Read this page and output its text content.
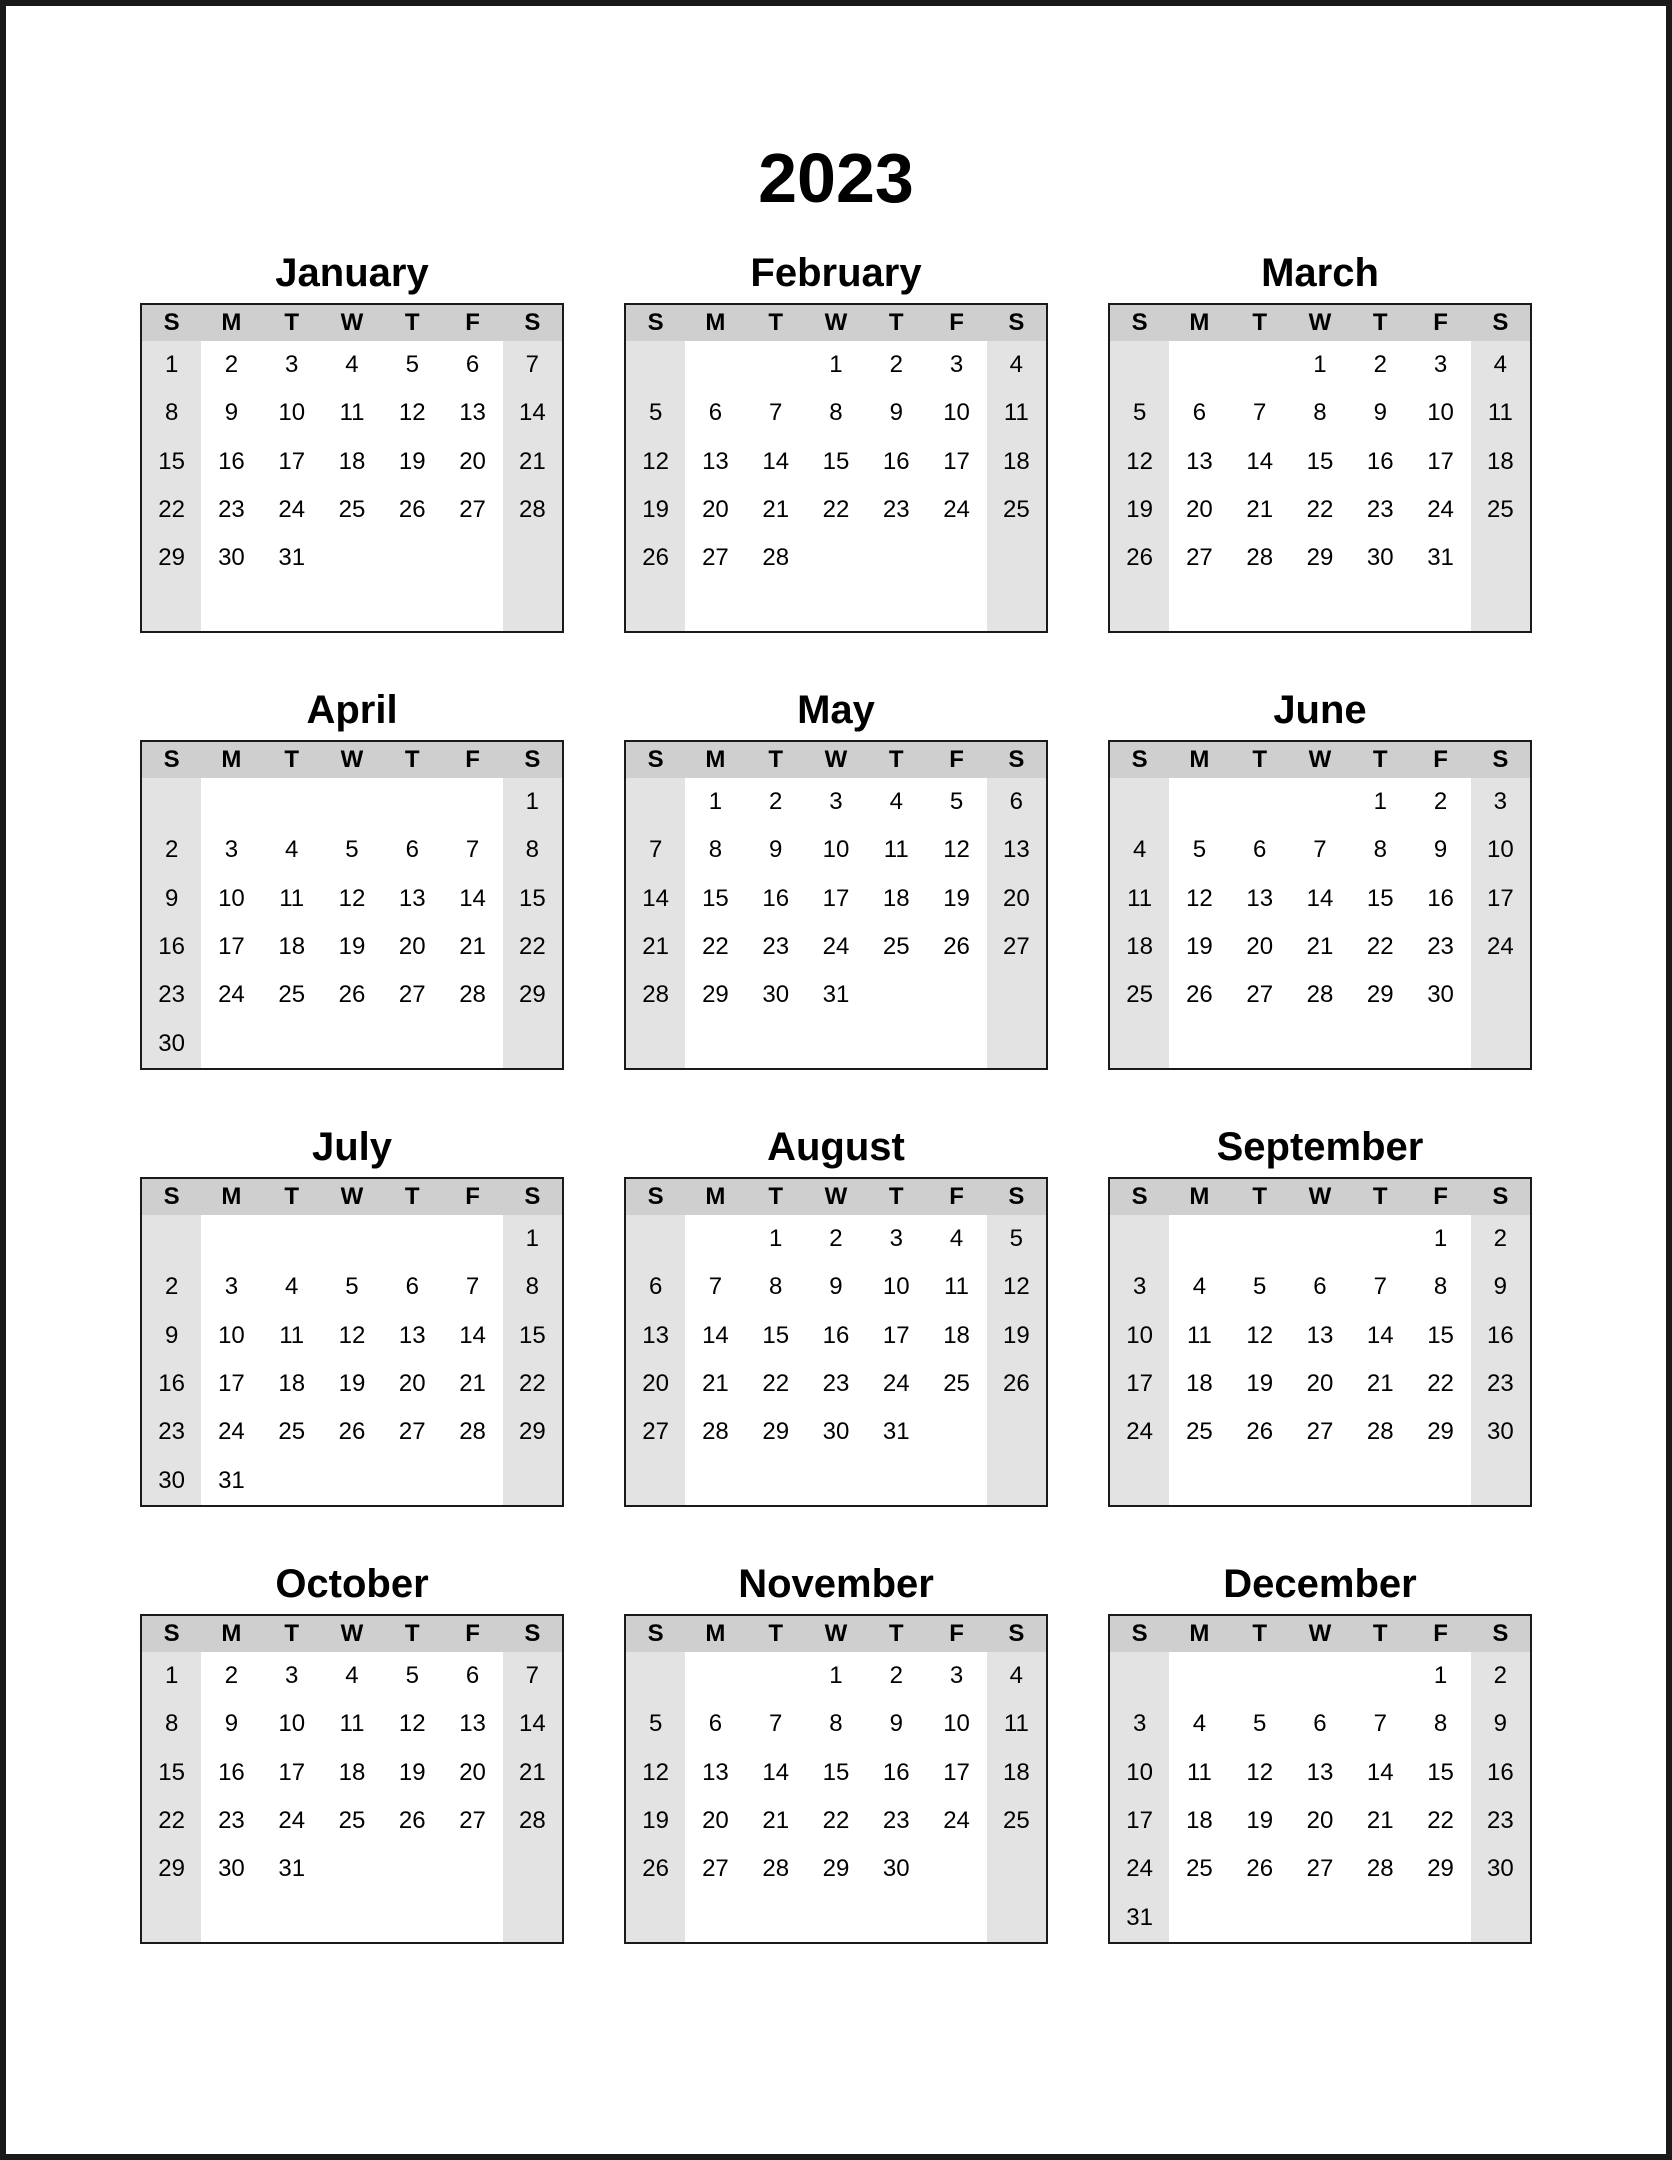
2023
January
S	M	T	W	T	F	S
1	2	3	4	5	6	7
8	9	10	11	12	13	14
15	16	17	18	19	20	21
22	23	24	25	26	27	28
29	30	31				

February
S	M	T	W	T	F	S
			1	2	3	4
5	6	7	8	9	10	11
12	13	14	15	16	17	18
19	20	21	22	23	24	25
26	27	28				

March
S	M	T	W	T	F	S
			1	2	3	4
5	6	7	8	9	10	11
12	13	14	15	16	17	18
19	20	21	22	23	24	25
26	27	28	29	30	31	

April
S	M	T	W	T	F	S
						1
2	3	4	5	6	7	8
9	10	11	12	13	14	15
16	17	18	19	20	21	22
23	24	25	26	27	28	29
30						
May
S	M	T	W	T	F	S
	1	2	3	4	5	6
7	8	9	10	11	12	13
14	15	16	17	18	19	20
21	22	23	24	25	26	27
28	29	30	31			

June
S	M	T	W	T	F	S
				1	2	3
4	5	6	7	8	9	10
11	12	13	14	15	16	17
18	19	20	21	22	23	24
25	26	27	28	29	30	

July
S	M	T	W	T	F	S
						1
2	3	4	5	6	7	8
9	10	11	12	13	14	15
16	17	18	19	20	21	22
23	24	25	26	27	28	29
30	31					
August
S	M	T	W	T	F	S
		1	2	3	4	5
6	7	8	9	10	11	12
13	14	15	16	17	18	19
20	21	22	23	24	25	26
27	28	29	30	31		

September
S	M	T	W	T	F	S
					1	2
3	4	5	6	7	8	9
10	11	12	13	14	15	16
17	18	19	20	21	22	23
24	25	26	27	28	29	30

October
S	M	T	W	T	F	S
1	2	3	4	5	6	7
8	9	10	11	12	13	14
15	16	17	18	19	20	21
22	23	24	25	26	27	28
29	30	31				

November
S	M	T	W	T	F	S
			1	2	3	4
5	6	7	8	9	10	11
12	13	14	15	16	17	18
19	20	21	22	23	24	25
26	27	28	29	30		

December
S	M	T	W	T	F	S
					1	2
3	4	5	6	7	8	9
10	11	12	13	14	15	16
17	18	19	20	21	22	23
24	25	26	27	28	29	30
31						
